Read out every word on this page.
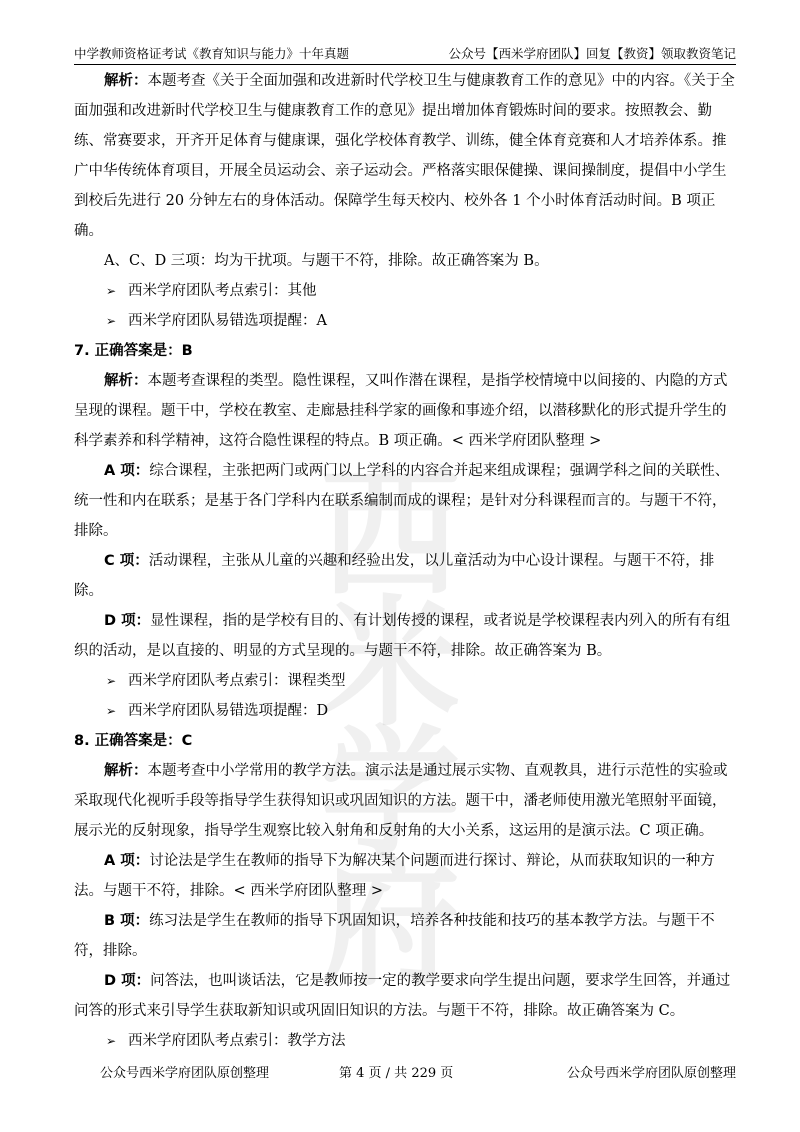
中学教师资格证考试《教育知识与能力》十年真题	公众号【西米学府团队】回复【教资】领取教资笔记
西米
学府

解析：本题考查《关于全面加强和改进新时代学校卫生与健康教育工作的意见》中的内容。《关于全面加强和改进新时代学校卫生与健康教育工作的意见》提出增加体育锻炼时间的要求。按照教会、勤练、常赛要求，开齐开足体育与健康课，强化学校体育教学、训练，健全体育竞赛和人才培养体系。推广中华传统体育项目，开展全员运动会、亲子运动会。严格落实眼保健操、课间操制度，提倡中小学生到校后先进行 20 分钟左右的身体活动。保障学生每天校内、校外各 1 个小时体育活动时间。B 项正确。

A、C、D 三项：均为干扰项。与题干不符，排除。故正确答案为 B。

➢ 西米学府团队考点索引：其他
➢ 西米学府团队易错选项提醒：A

7. 正确答案是：B

解析：本题考查课程的类型。隐性课程，又叫作潜在课程，是指学校情境中以间接的、内隐的方式呈现的课程。题干中，学校在教室、走廊悬挂科学家的画像和事迹介绍，以潜移默化的形式提升学生的科学素养和科学精神，这符合隐性课程的特点。B 项正确。< 西米学府团队整理 >

A 项：综合课程，主张把两门或两门以上学科的内容合并起来组成课程；强调学科之间的关联性、统一性和内在联系；是基于各门学科内在联系编制而成的课程；是针对分科课程而言的。与题干不符，排除。

C 项：活动课程，主张从儿童的兴趣和经验出发，以儿童活动为中心设计课程。与题干不符，排除。

D 项：显性课程，指的是学校有目的、有计划传授的课程，或者说是学校课程表内列入的所有有组织的活动，是以直接的、明显的方式呈现的。与题干不符，排除。故正确答案为 B。

➢ 西米学府团队考点索引：课程类型
➢ 西米学府团队易错选项提醒：D

8. 正确答案是：C

解析：本题考查中小学常用的教学方法。演示法是通过展示实物、直观教具，进行示范性的实验或采取现代化视听手段等指导学生获得知识或巩固知识的方法。题干中，潘老师使用激光笔照射平面镜，展示光的反射现象，指导学生观察比较入射角和反射角的大小关系，这运用的是演示法。C 项正确。

A 项：讨论法是学生在教师的指导下为解决某个问题而进行探讨、辩论，从而获取知识的一种方法。与题干不符，排除。< 西米学府团队整理 >

B 项：练习法是学生在教师的指导下巩固知识，培养各种技能和技巧的基本教学方法。与题干不符，排除。

D 项：问答法，也叫谈话法，它是教师按一定的教学要求向学生提出问题，要求学生回答，并通过问答的形式来引导学生获取新知识或巩固旧知识的方法。与题干不符，排除。故正确答案为 C。

➢ 西米学府团队考点索引：教学方法
公众号西米学府团队原创整理	第 4 页 / 共 229 页	公众号西米学府团队原创整理
